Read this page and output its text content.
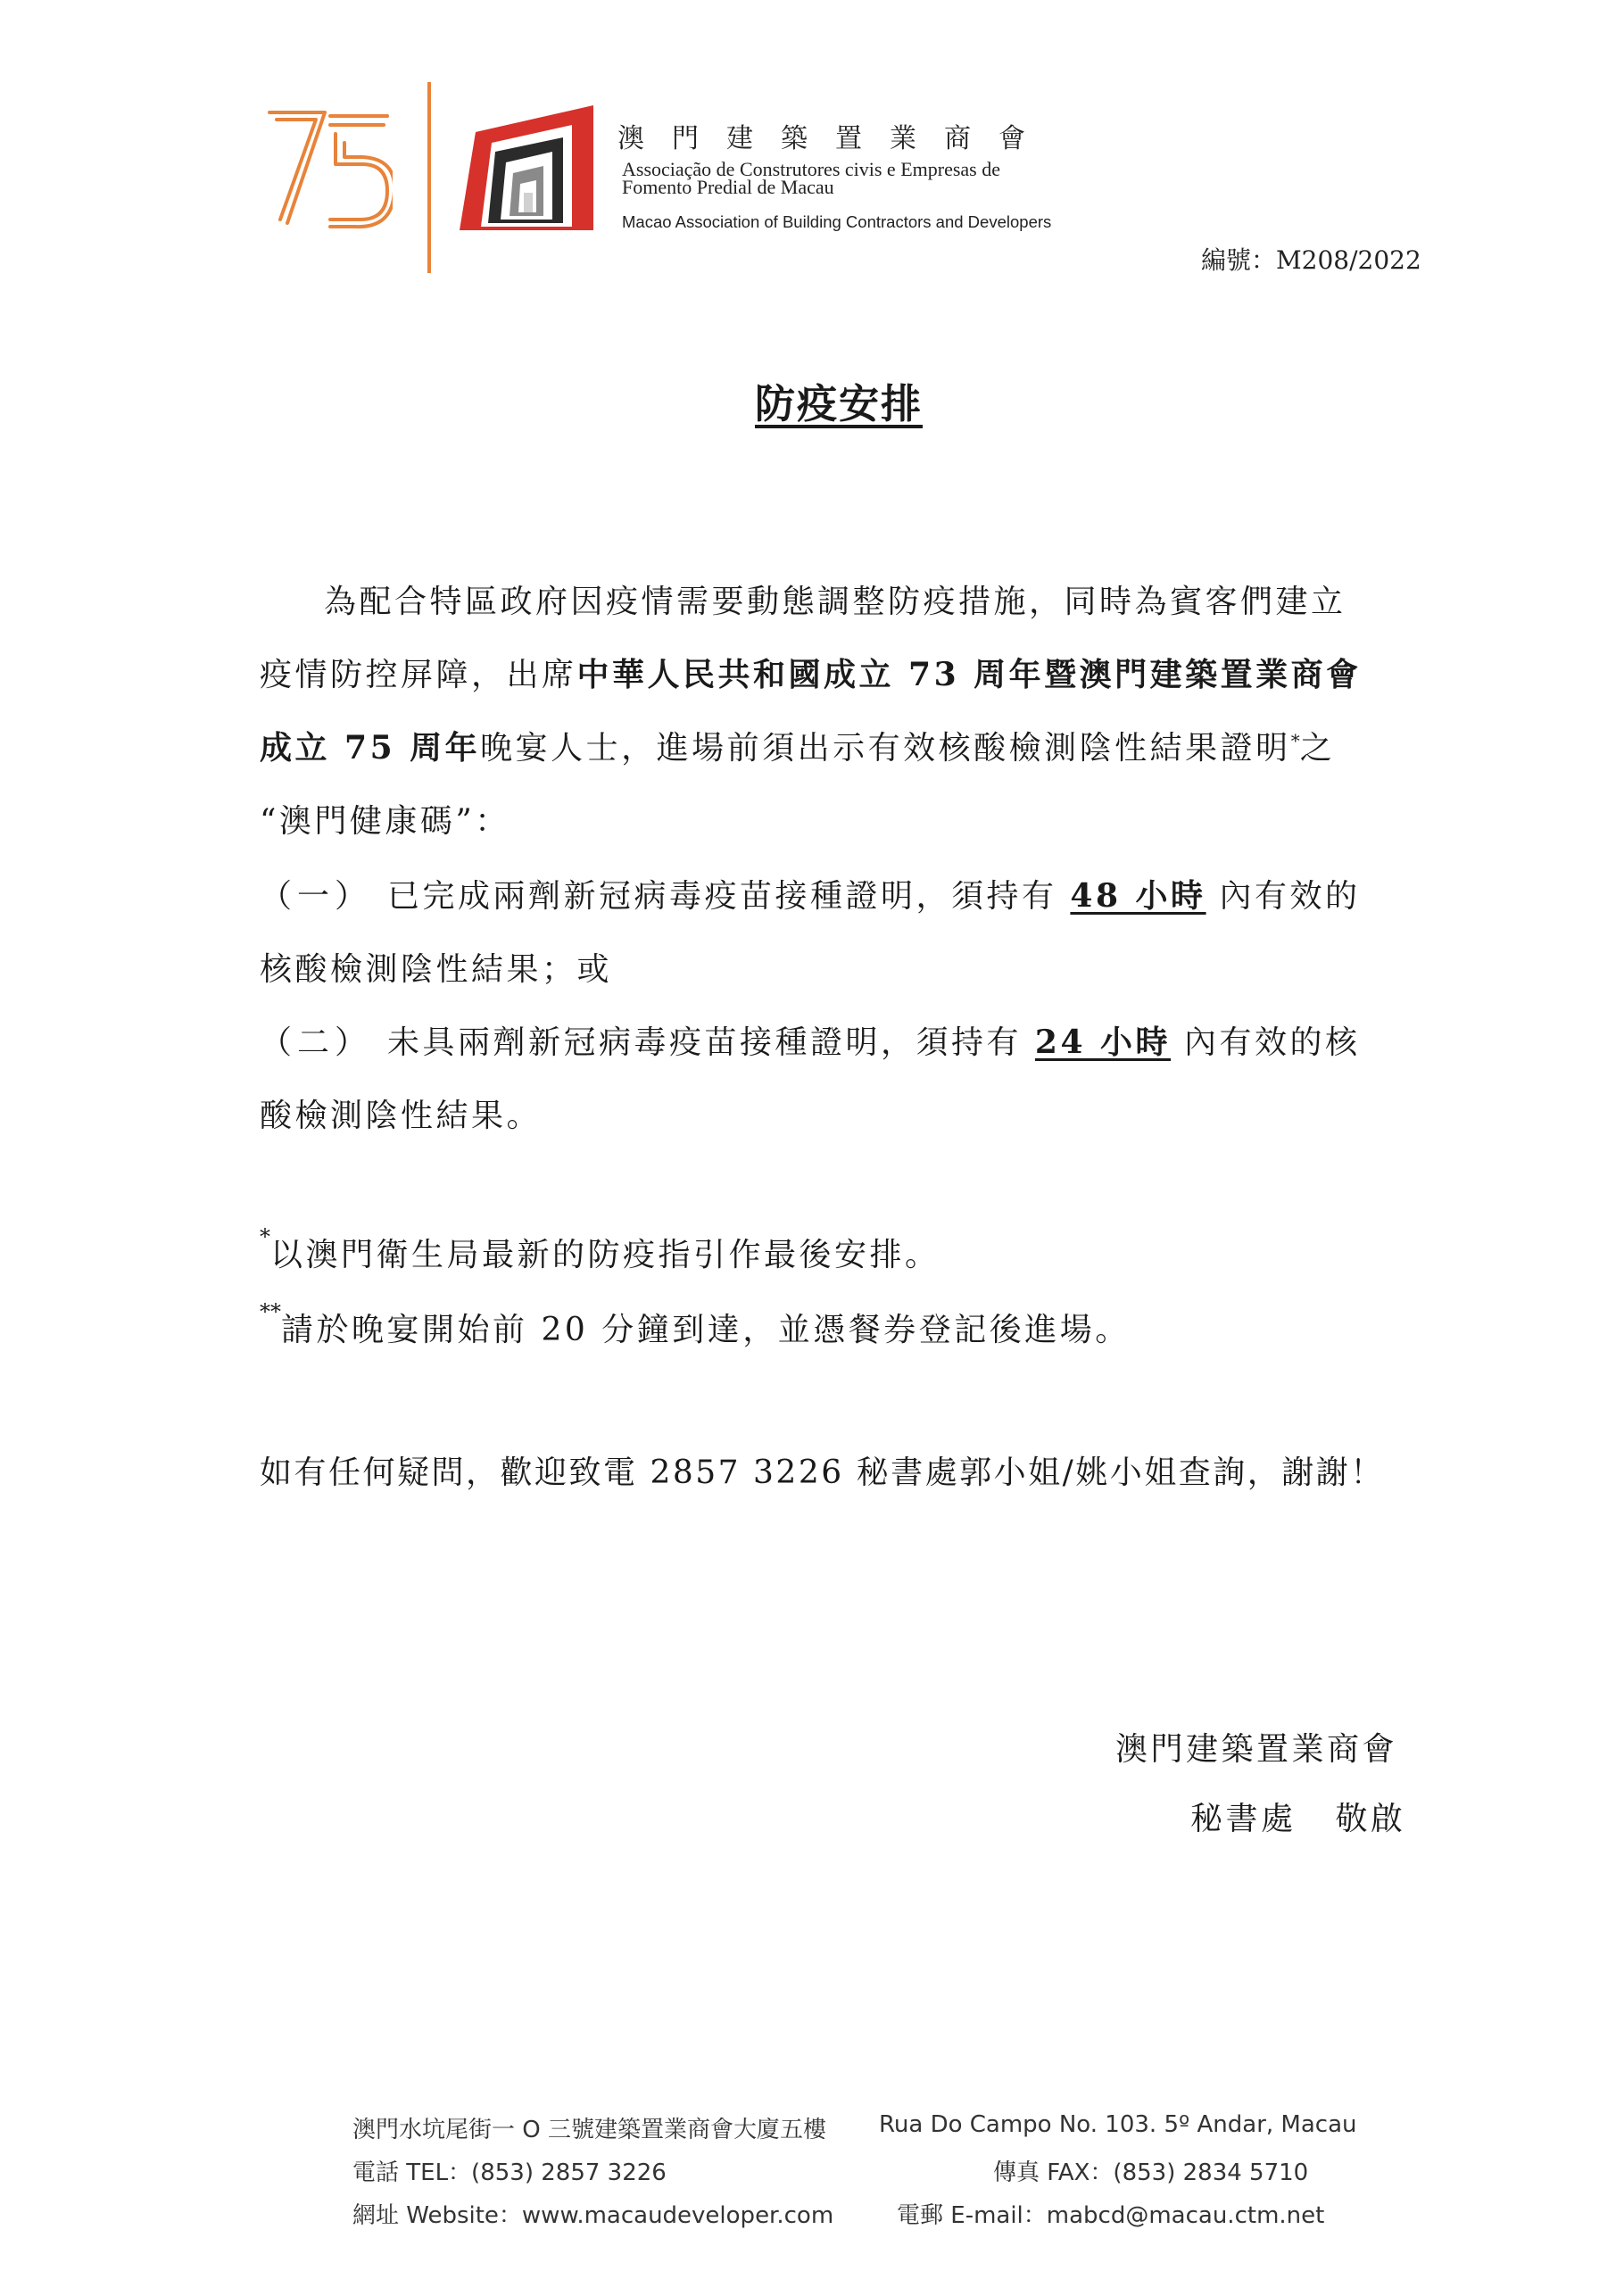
澳門建築置業商會
Associação de Construtores civis e Empresas de
Fomento Predial de Macau
Macao Association of Building Contractors and Developers
編號：M208/2022
防疫安排
為配合特區政府因疫情需要動態調整防疫措施，同時為賓客們建立
疫情防控屏障，出席中華人民共和國成立 73 周年暨澳門建築置業商會
成立 75 周年晚宴人士，進場前須出示有效核酸檢測陰性結果證明*之
“澳門健康碼”：
（一） 已完成兩劑新冠病毒疫苗接種證明，須持有 48 小時 內有效的
核酸檢測陰性結果；或
（二） 未具兩劑新冠病毒疫苗接種證明，須持有 24 小時 內有效的核
酸檢測陰性結果。
*以澳門衛生局最新的防疫指引作最後安排。
**請於晚宴開始前 20 分鐘到達，並憑餐券登記後進場。
如有任何疑問，歡迎致電 2857 3226 秘書處郭小姐/姚小姐查詢，謝謝！
澳門建築置業商會
秘書處 敬啟
澳門水坑尾街一 O 三號建築置業商會大廈五樓 Rua Do Campo No. 103. 5º Andar, Macau
電話 TEL：(853) 2857 3226	傳真 FAX：(853) 2834 5710
網址 Website：www.macaudeveloper.com	電郵 E-mail：mabcd@macau.ctm.net
